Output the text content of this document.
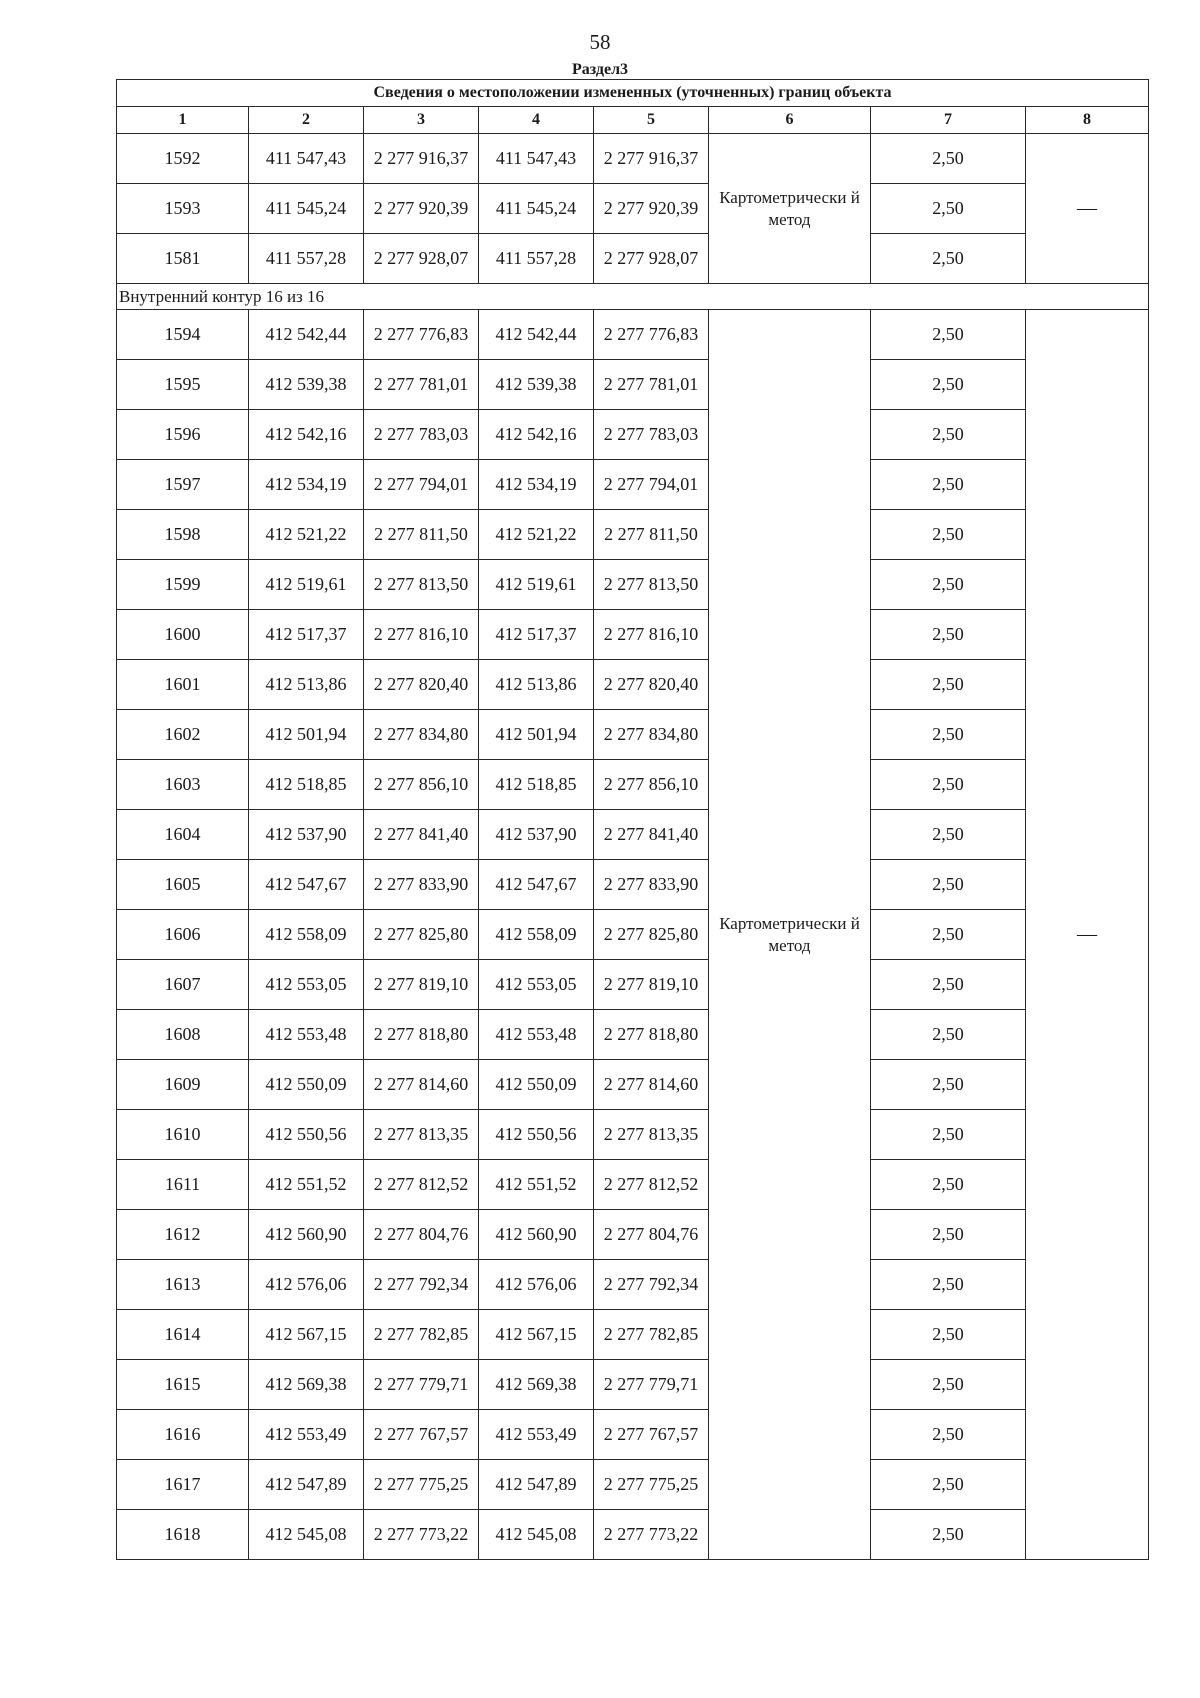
58
Раздел3
Сведения о местоположении измененных (уточненных) границ объекта							
1	2	3	4	5	6	7	8
1592	411 547,43	2 277 916,37	411 547,43	2 277 916,37	Картометрически й метод	2,50	—
1593	411 545,24	2 277 920,39	411 545,24	2 277 920,39		2,50	
1581	411 557,28	2 277 928,07	411 557,28	2 277 928,07		2,50	
Внутренний контур 16 из 16							
1594	412 542,44	2 277 776,83	412 542,44	2 277 776,83	Картометрически й метод	2,50	—
1595	412 539,38	2 277 781,01	412 539,38	2 277 781,01		2,50	
1596	412 542,16	2 277 783,03	412 542,16	2 277 783,03		2,50	
1597	412 534,19	2 277 794,01	412 534,19	2 277 794,01		2,50	
1598	412 521,22	2 277 811,50	412 521,22	2 277 811,50		2,50	
1599	412 519,61	2 277 813,50	412 519,61	2 277 813,50		2,50	
1600	412 517,37	2 277 816,10	412 517,37	2 277 816,10		2,50	
1601	412 513,86	2 277 820,40	412 513,86	2 277 820,40		2,50	
1602	412 501,94	2 277 834,80	412 501,94	2 277 834,80		2,50	
1603	412 518,85	2 277 856,10	412 518,85	2 277 856,10		2,50	
1604	412 537,90	2 277 841,40	412 537,90	2 277 841,40		2,50	
1605	412 547,67	2 277 833,90	412 547,67	2 277 833,90		2,50	
1606	412 558,09	2 277 825,80	412 558,09	2 277 825,80		2,50	
1607	412 553,05	2 277 819,10	412 553,05	2 277 819,10		2,50	
1608	412 553,48	2 277 818,80	412 553,48	2 277 818,80		2,50	
1609	412 550,09	2 277 814,60	412 550,09	2 277 814,60		2,50	
1610	412 550,56	2 277 813,35	412 550,56	2 277 813,35		2,50	
1611	412 551,52	2 277 812,52	412 551,52	2 277 812,52		2,50	
1612	412 560,90	2 277 804,76	412 560,90	2 277 804,76		2,50	
1613	412 576,06	2 277 792,34	412 576,06	2 277 792,34		2,50	
1614	412 567,15	2 277 782,85	412 567,15	2 277 782,85		2,50	
1615	412 569,38	2 277 779,71	412 569,38	2 277 779,71		2,50	
1616	412 553,49	2 277 767,57	412 553,49	2 277 767,57		2,50	
1617	412 547,89	2 277 775,25	412 547,89	2 277 775,25		2,50	
1618	412 545,08	2 277 773,22	412 545,08	2 277 773,22		2,50	
